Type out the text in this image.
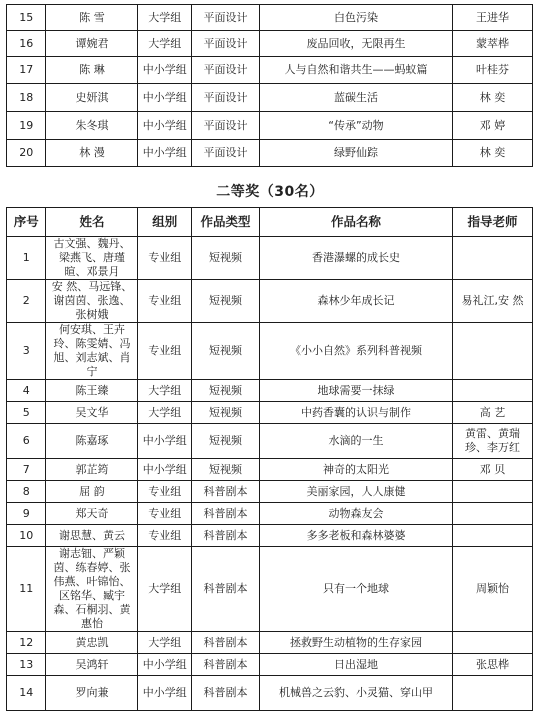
15	陈 雪	大学组	平面设计	白色污染	王进华
16	谭婉君	大学组	平面设计	废品回收，无限再生	蒙萃桦
17	陈 琳	中小学组	平面设计	人与自然和谐共生——蚂蚁篇	叶桂芬
18	史妍淇	中小学组	平面设计	蓝碳生活	林 奕
19	朱冬琪	中小学组	平面设计	“传承”动物	邓 婷
20	林 漫	中小学组	平面设计	绿野仙踪	林 奕
二等奖（30名）
序号	姓名	组别	作品类型	作品名称	指导老师
1	古文强、魏丹、梁燕飞、唐瑾暄、邓景月	专业组	短视频	香港瀑螺的成长史	
2	安 然、马远锋、谢茵茵、张逸、张树娥	专业组	短视频	森林少年成长记	易礼江,安 然
3	何安琪、王卉玲、陈雯婧、冯旭、刘志斌、肖 宁	专业组	短视频	《小小自然》系列科普视频	
4	陈王臻	大学组	短视频	地球需要一抹绿	
5	吴文华	大学组	短视频	中药香囊的认识与制作	高 艺
6	陈嘉琢	中小学组	短视频	水滴的一生	黄雷、黄瑞珍、李万红
7	郭芷筠	中小学组	短视频	神奇的太阳光	邓 贝
8	屈 韵	专业组	科普剧本	美丽家园，人人康健	
9	郑天奇	专业组	科普剧本	动物森友会	
10	谢思慧、黄云	专业组	科普剧本	多多老板和森林婆婆	
11	谢志钿、严颖茵、练春婷、张伟燕、叶锦怡、区铭华、臧宇森、石桐羽、黄惠怡	大学组	科普剧本	只有一个地球	周颖怡
12	黄忠凯	大学组	科普剧本	拯救野生动植物的生存家园	
13	吴鸿轩	中小学组	科普剧本	日出湿地	张思桦
14	罗向兼	中小学组	科普剧本	机械兽之云豹、小灵猫、穿山甲	
